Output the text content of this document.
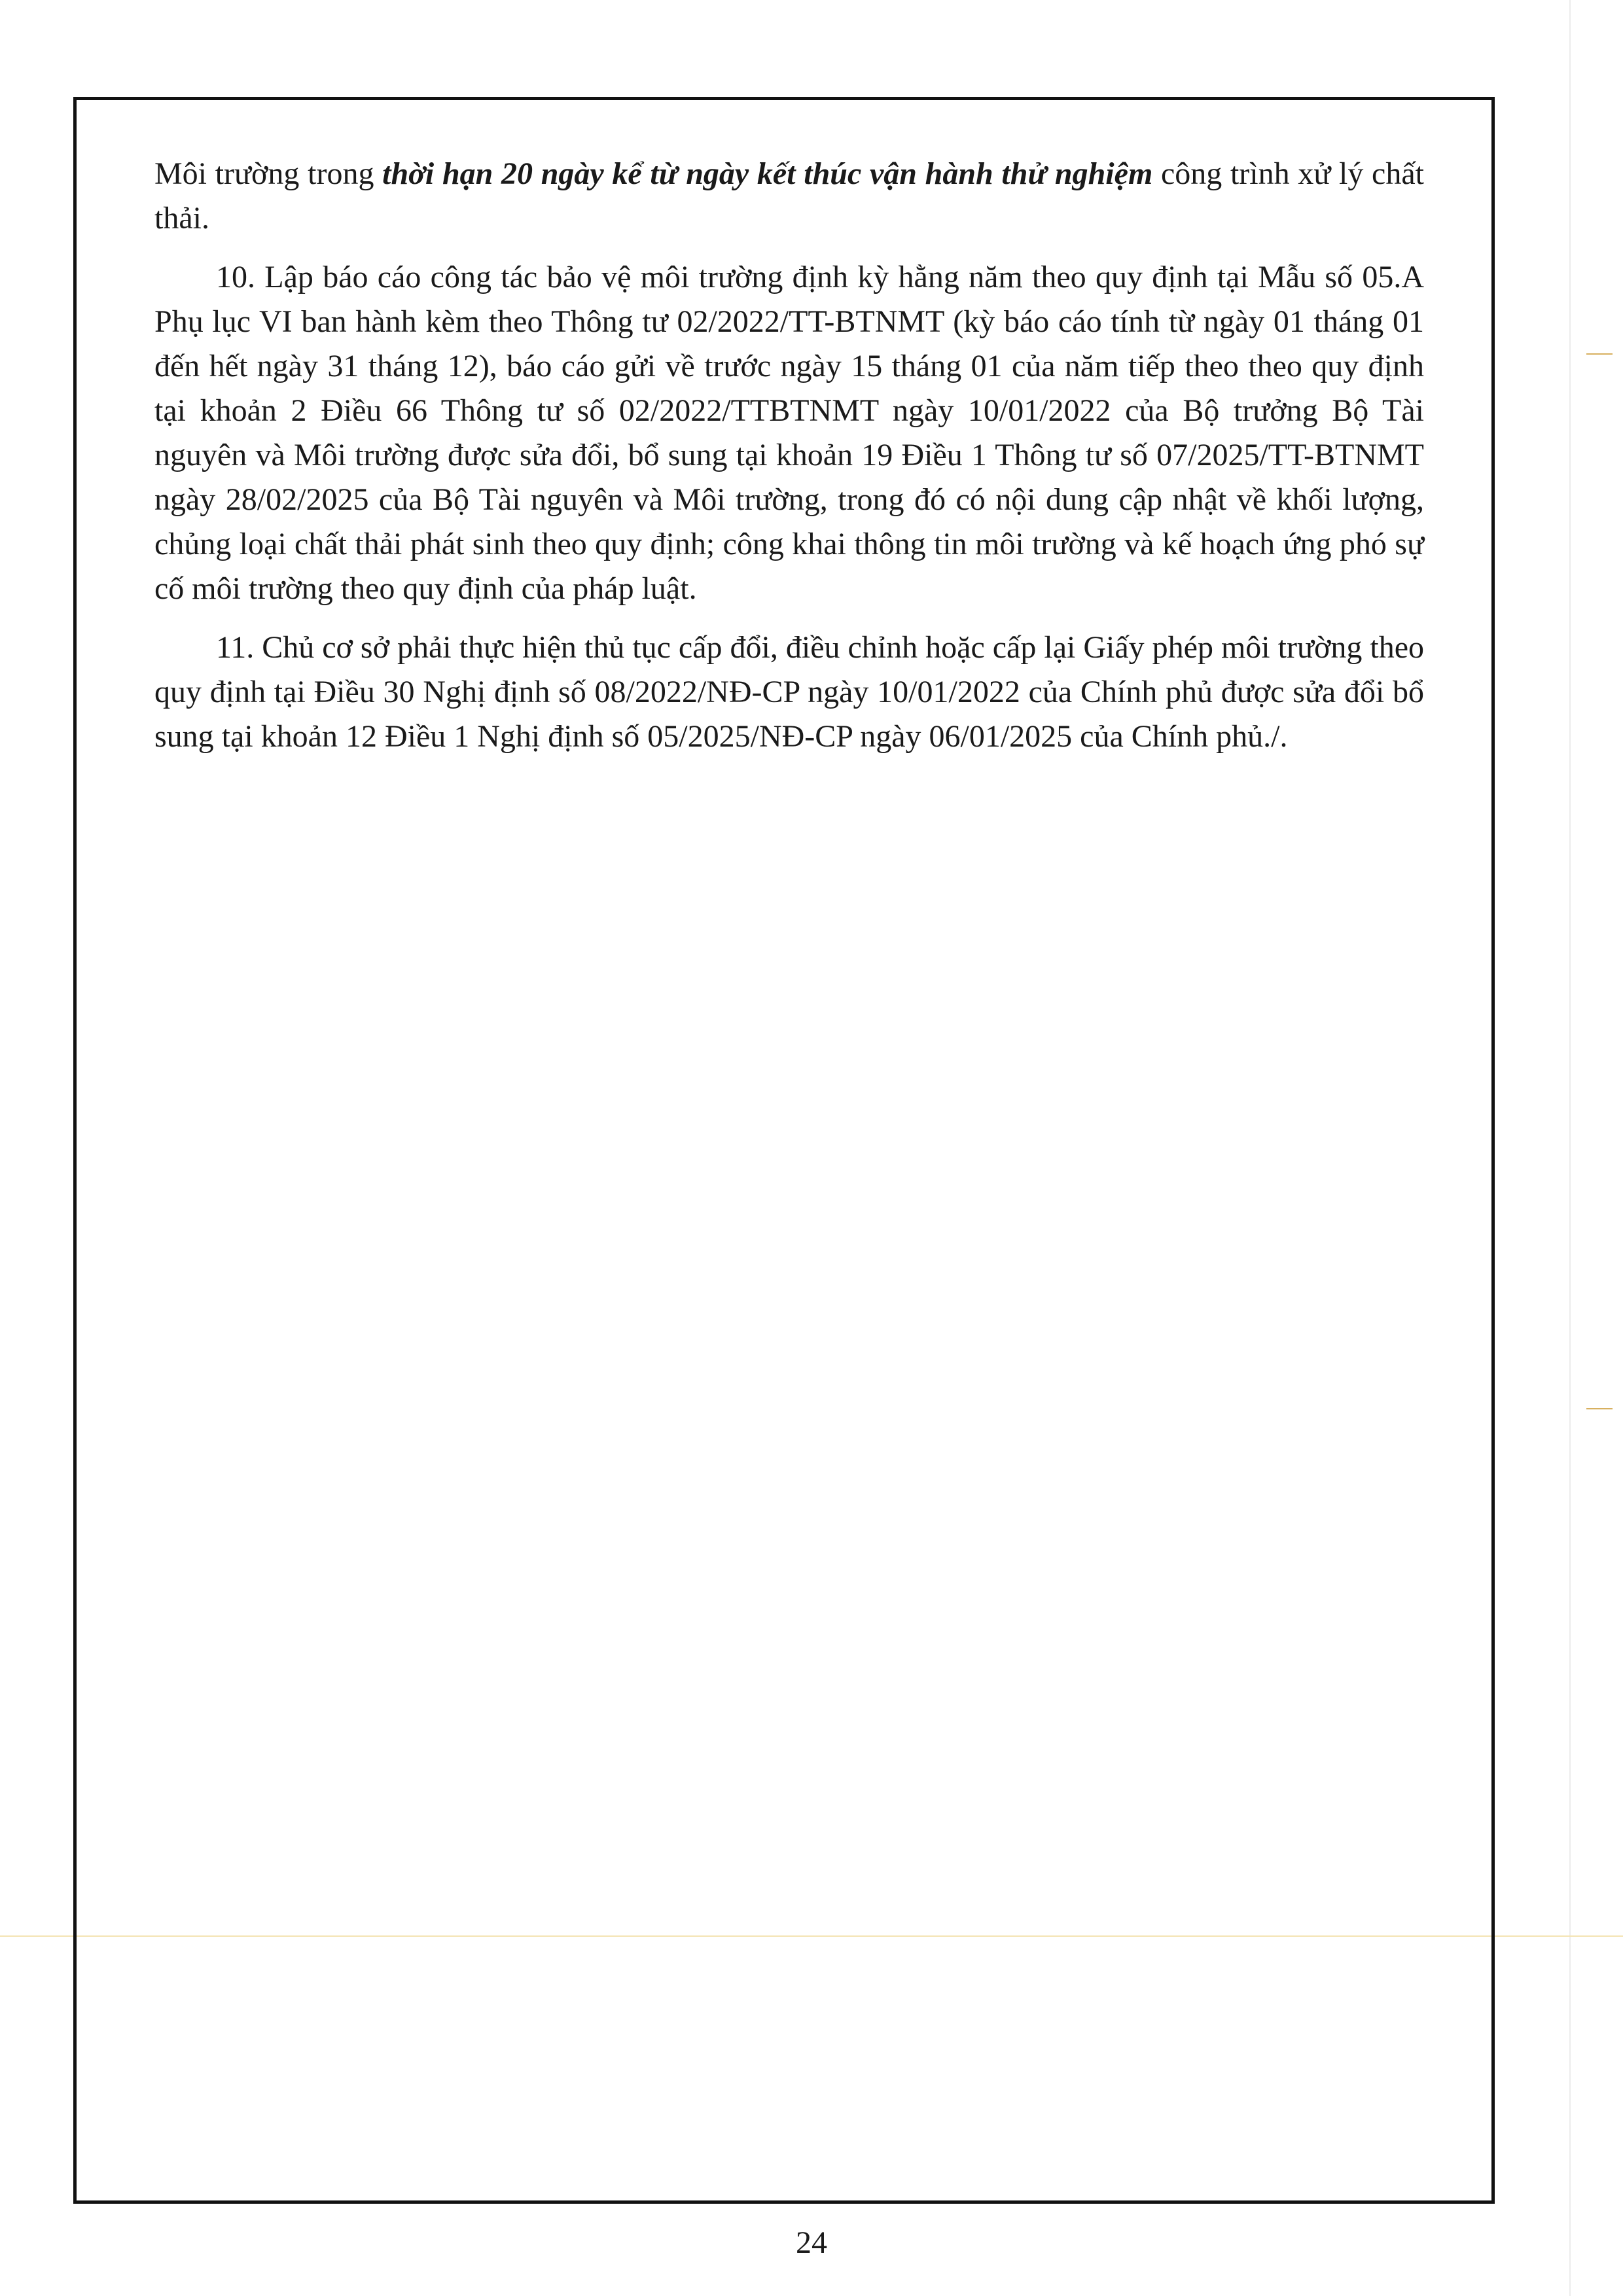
Môi trường trong thời hạn 20 ngày kể từ ngày kết thúc vận hành thử nghiệm công trình xử lý chất thải.

10. Lập báo cáo công tác bảo vệ môi trường định kỳ hằng năm theo quy định tại Mẫu số 05.A Phụ lục VI ban hành kèm theo Thông tư 02/2022/TT-BTNMT (kỳ báo cáo tính từ ngày 01 tháng 01 đến hết ngày 31 tháng 12), báo cáo gửi về trước ngày 15 tháng 01 của năm tiếp theo theo quy định tại khoản 2 Điều 66 Thông tư số 02/2022/TTBTNMT ngày 10/01/2022 của Bộ trưởng Bộ Tài nguyên và Môi trường được sửa đổi, bổ sung tại khoản 19 Điều 1 Thông tư số 07/2025/TT-BTNMT ngày 28/02/2025 của Bộ Tài nguyên và Môi trường, trong đó có nội dung cập nhật về khối lượng, chủng loại chất thải phát sinh theo quy định; công khai thông tin môi trường và kế hoạch ứng phó sự cố môi trường theo quy định của pháp luật.

11. Chủ cơ sở phải thực hiện thủ tục cấp đổi, điều chỉnh hoặc cấp lại Giấy phép môi trường theo quy định tại Điều 30 Nghị định số 08/2022/NĐ-CP ngày 10/01/2022 của Chính phủ được sửa đổi bổ sung tại khoản 12 Điều 1 Nghị định số 05/2025/NĐ-CP ngày 06/01/2025 của Chính phủ./.

24
